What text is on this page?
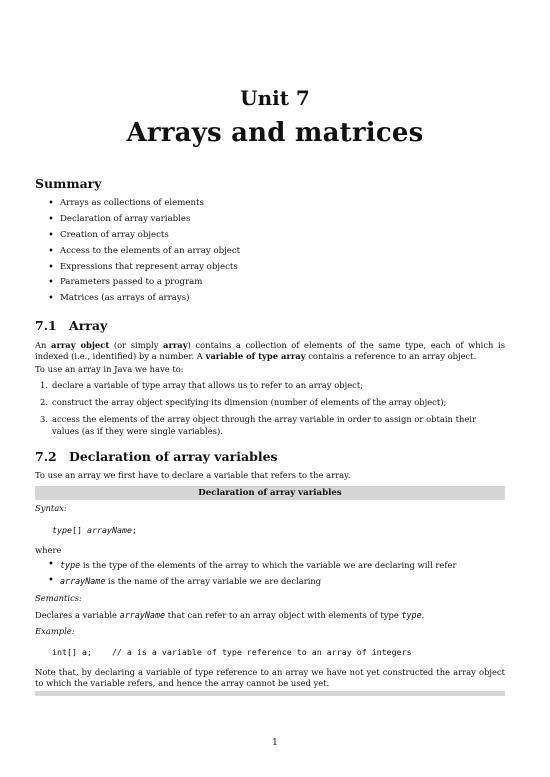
Unit 7
Arrays and matrices
Summary
• Arrays as collections of elements
• Declaration of array variables
• Creation of array objects
• Access to the elements of an array object
• Expressions that represent array objects
• Parameters passed to a program
• Matrices (as arrays of arrays)
7.1 Array
An array object (or simply array) contains a collection of elements of the same type, each of which is indexed (i.e., identified) by a number. A variable of type array contains a reference to an array object.
To use an array in Java we have to:
1. declare a variable of type array that allows us to refer to an array object;
2. construct the array object specifying its dimension (number of elements of the array object);
3. access the elements of the array object through the array variable in order to assign or obtain their values (as if they were single variables).
7.2 Declaration of array variables
To use an array we first have to declare a variable that refers to the array.
Declaration of array variables
Syntax:
type[] arrayName;
where
• type is the type of the elements of the array to which the variable we are declaring will refer
• arrayName is the name of the array variable we are declaring
Semantics:
Declares a variable arrayName that can refer to an array object with elements of type type.
Example:
int[] a;    // a is a variable of type reference to an array of integers
Note that, by declaring a variable of type reference to an array we have not yet constructed the array object to which the variable refers, and hence the array cannot be used yet.
1
